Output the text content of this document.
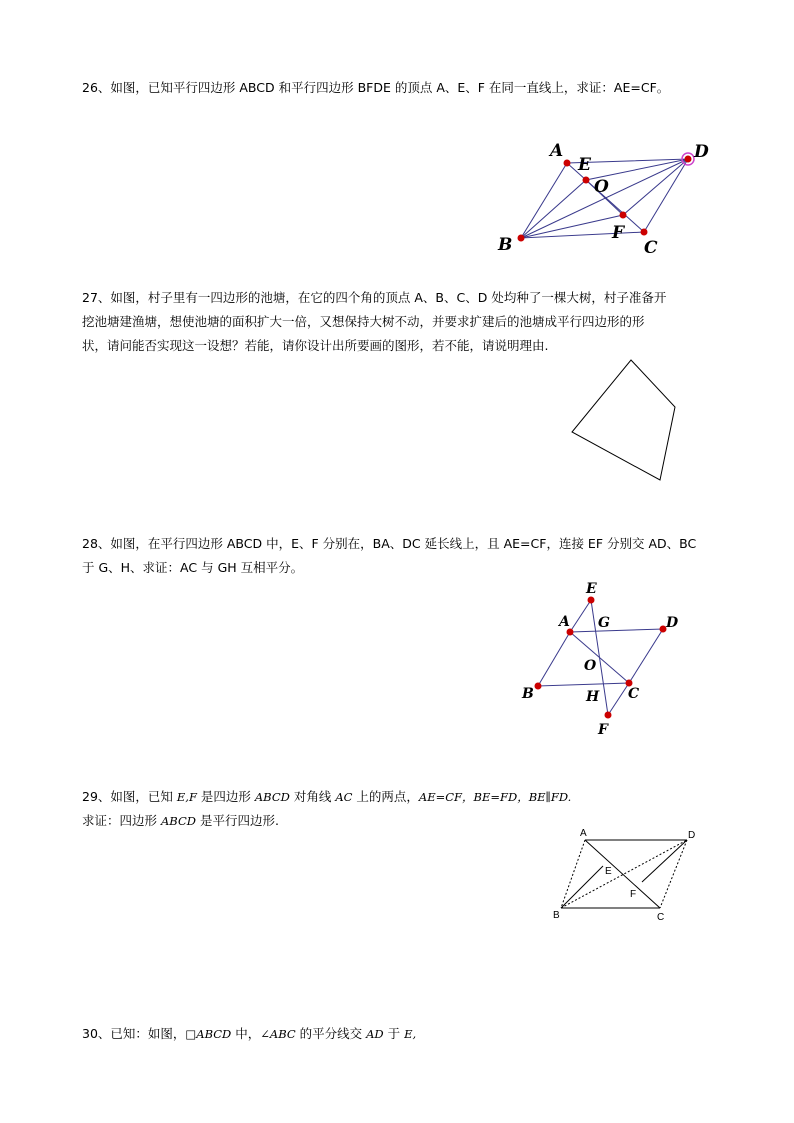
26、如图，已知平行四边形 ABCD 和平行四边形 BFDE 的顶点 A、E、F 在同一直线上，求证：AE=CF。
A	D
E
O
F
C
B
27、如图，村子里有一四边形的池塘，在它的四个角的顶点 A、B、C、D 处均种了一棵大树，村子准备开
挖池塘建渔塘，想使池塘的面积扩大一倍，又想保持大树不动，并要求扩建后的池塘成平行四边形的形
状，请问能否实现这一设想？若能，请你设计出所要画的图形，若不能，请说明理由.
28、如图，在平行四边形 ABCD 中，E、F 分别在，BA、DC 延长线上，且 AE=CF，连接 EF 分别交 AD、BC
于 G、H、求证：AC 与 GH 互相平分。
E
A G	D
O
B	H C
F
29、如图，已知 E,F 是四边形 ABCD 对角线 AC 上的两点，AE=CF，BE=FD，BE∥FD.
求证：四边形 ABCD 是平行四边形.
A	D
E
F
B	C
30、已知：如图，□ABCD 中，∠ABC 的平分线交 AD 于 E,
